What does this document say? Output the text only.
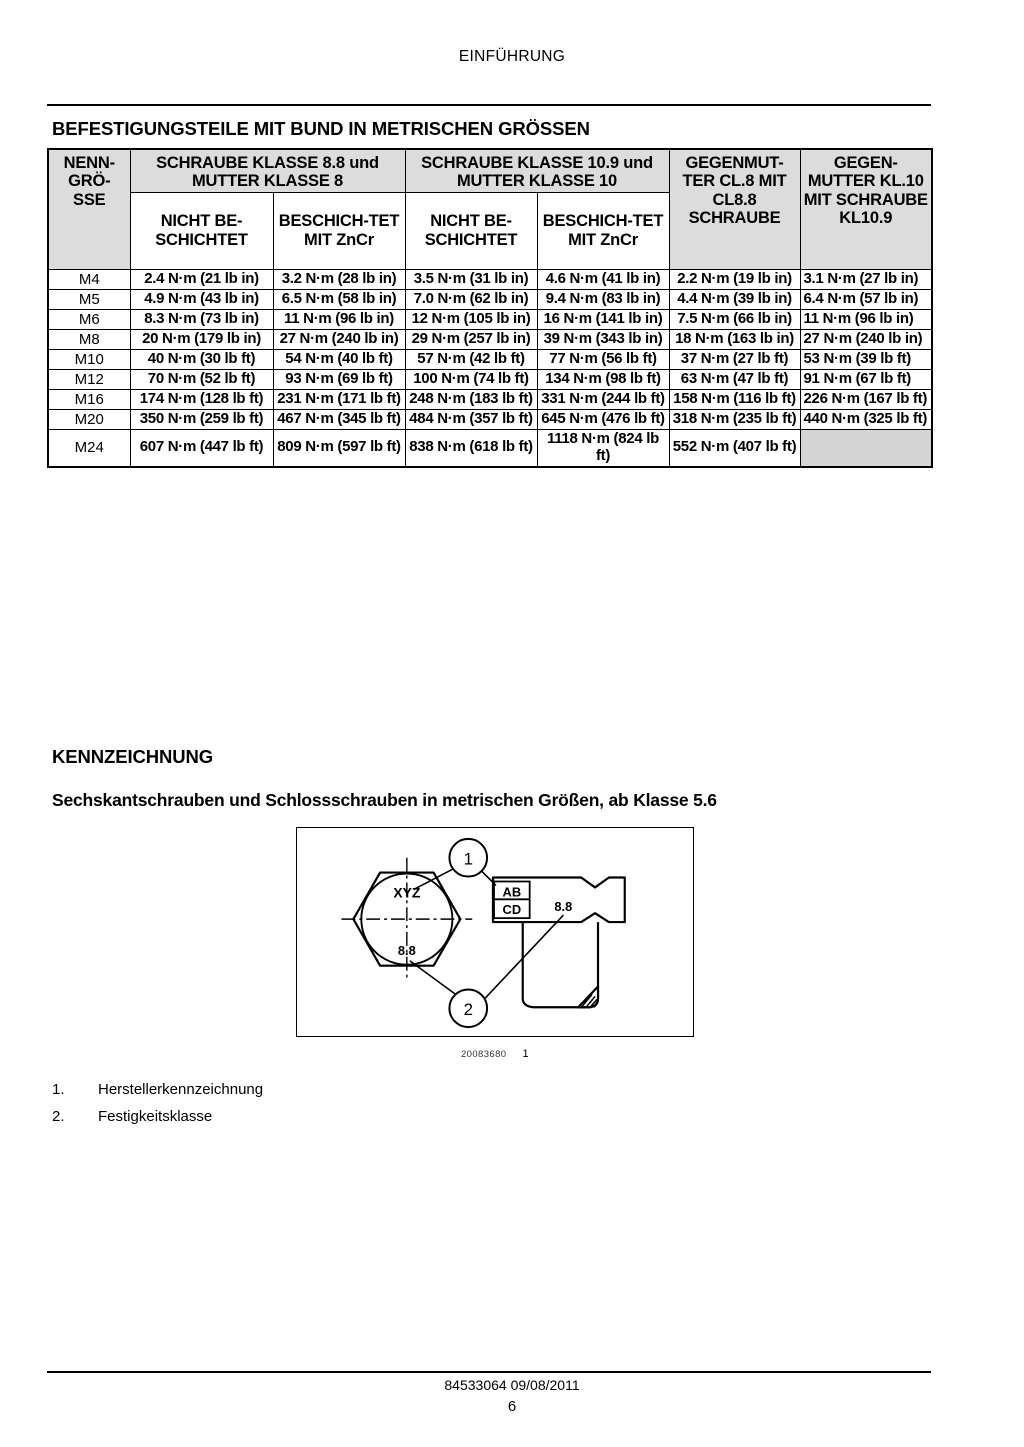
EINFÜHRUNG
BEFESTIGUNGSTEILE MIT BUND IN METRISCHEN GRÖSSEN
NENN-
GRÖ-
SSE	SCHRAUBE KLASSE 8.8 und MUTTER KLASSE 8		SCHRAUBE KLASSE 10.9 und MUTTER KLASSE 10		GEGENMUT-TER CL.8 MIT CL8.8 SCHRAUBE	GEGEN-MUTTER KL.10 MIT SCHRAUBE KL10.9
	NICHT BE-SCHICHTET	BESCHICH-TET MIT ZnCr	NICHT BE-SCHICHTET	BESCHICH-TET MIT ZnCr		
M4	2.4 N·m (21 lb in)	3.2 N·m (28 lb in)	3.5 N·m (31 lb in)	4.6 N·m (41 lb in)	2.2 N·m (19 lb in)	3.1 N·m (27 lb in)
M5	4.9 N·m (43 lb in)	6.5 N·m (58 lb in)	7.0 N·m (62 lb in)	9.4 N·m (83 lb in)	4.4 N·m (39 lb in)	6.4 N·m (57 lb in)
M6	8.3 N·m (73 lb in)	11 N·m (96 lb in)	12 N·m (105 lb in)	16 N·m (141 lb in)	7.5 N·m (66 lb in)	11 N·m (96 lb in)
M8	20 N·m (179 lb in)	27 N·m (240 lb in)	29 N·m (257 lb in)	39 N·m (343 lb in)	18 N·m (163 lb in)	27 N·m (240 lb in)
M10	40 N·m (30 lb ft)	54 N·m (40 lb ft)	57 N·m (42 lb ft)	77 N·m (56 lb ft)	37 N·m (27 lb ft)	53 N·m (39 lb ft)
M12	70 N·m (52 lb ft)	93 N·m (69 lb ft)	100 N·m (74 lb ft)	134 N·m (98 lb ft)	63 N·m (47 lb ft)	91 N·m (67 lb ft)
M16	174 N·m (128 lb ft)	231 N·m (171 lb ft)	248 N·m (183 lb ft)	331 N·m (244 lb ft)	158 N·m (116 lb ft)	226 N·m (167 lb ft)
M20	350 N·m (259 lb ft)	467 N·m (345 lb ft)	484 N·m (357 lb ft)	645 N·m (476 lb ft)	318 N·m (235 lb ft)	440 N·m (325 lb ft)
M24	607 N·m (447 lb ft)	809 N·m (597 lb ft)	838 N·m (618 lb ft)	1118 N·m (824 lb ft)	552 N·m (407 lb ft)	
KENNZEICHNUNG
Sechskantschrauben und Schlossschrauben in metrischen Größen, ab Klasse 5.6
XYZ
8.8
AB
CD	8.8
1
2
20083680 1
1.	Herstellerkennzeichnung
2.	Festigkeitsklasse
84533064 09/08/2011
6
